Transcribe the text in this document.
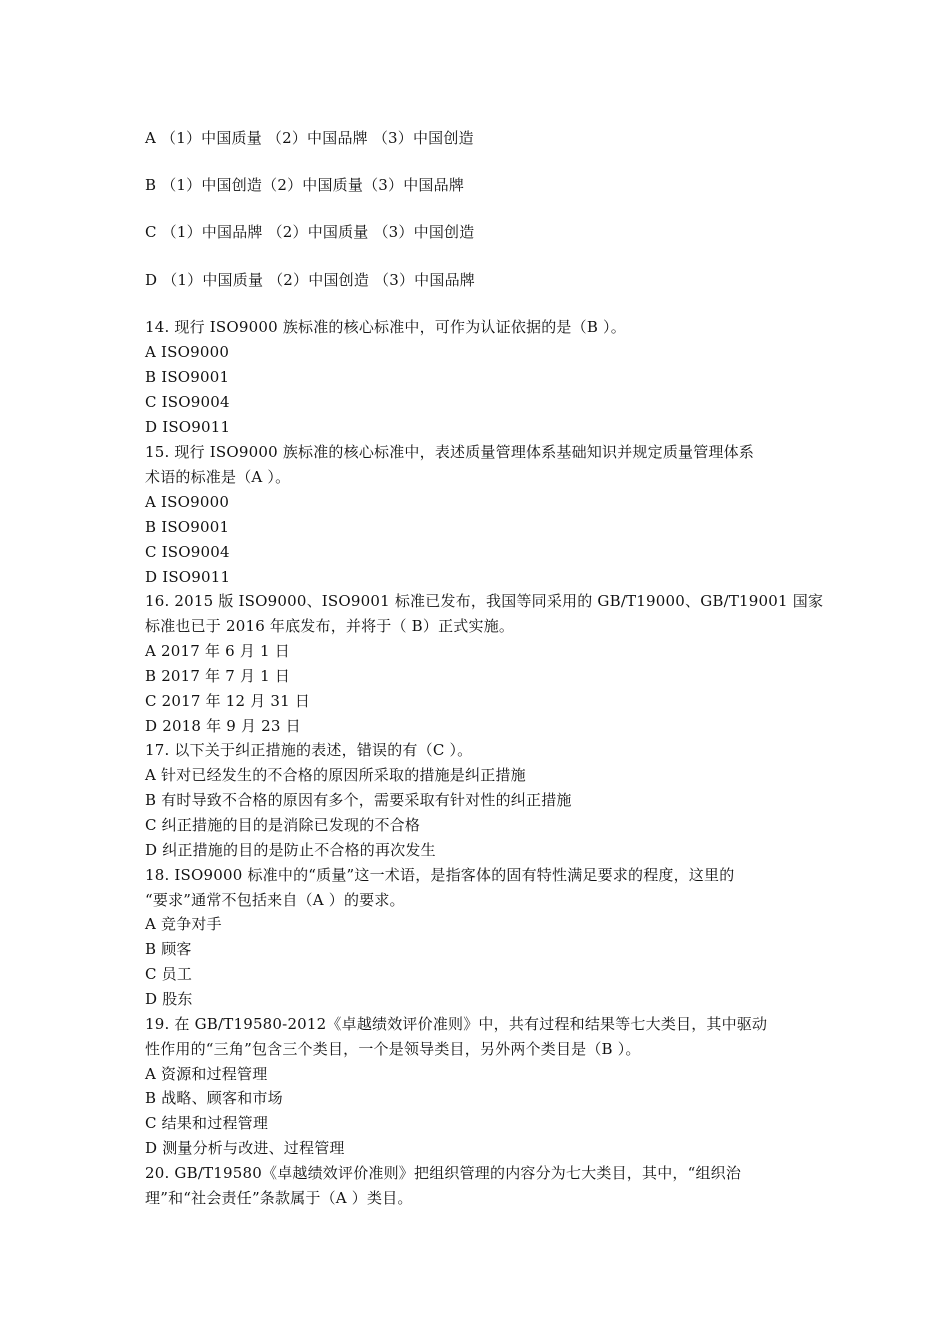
A （1）中国质量 （2）中国品牌 （3）中国创造
B （1）中国创造（2）中国质量（3）中国品牌
C （1）中国品牌 （2）中国质量 （3）中国创造
D （1）中国质量 （2）中国创造 （3）中国品牌
14. 现行 ISO9000 族标准的核心标准中，可作为认证依据的是（B ）。
A ISO9000
B ISO9001
C ISO9004
D ISO9011
15. 现行 ISO9000 族标准的核心标准中，表述质量管理体系基础知识并规定质量管理体系
术语的标准是（A ）。
A ISO9000
B ISO9001
C ISO9004
D ISO9011
16. 2015 版 ISO9000、ISO9001 标准已发布，我国等同采用的 GB/T19000、GB/T19001 国家
标准也已于 2016 年底发布，并将于（ B）正式实施。
A 2017 年 6 月 1 日
B 2017 年 7 月 1 日
C 2017 年 12 月 31 日
D 2018 年 9 月 23 日
17. 以下关于纠正措施的表述，错误的有（C ）。
A 针对已经发生的不合格的原因所采取的措施是纠正措施
B 有时导致不合格的原因有多个，需要采取有针对性的纠正措施
C 纠正措施的目的是消除已发现的不合格
D 纠正措施的目的是防止不合格的再次发生
18. ISO9000 标准中的“质量”这一术语，是指客体的固有特性满足要求的程度，这里的
“要求”通常不包括来自（A ）的要求。
A 竞争对手
B 顾客
C 员工
D 股东
19. 在 GB/T19580-2012《卓越绩效评价准则》中，共有过程和结果等七大类目，其中驱动
性作用的“三角”包含三个类目，一个是领导类目，另外两个类目是（B ）。
A 资源和过程管理
B 战略、顾客和市场
C 结果和过程管理
D 测量分析与改进、过程管理
20. GB/T19580《卓越绩效评价准则》把组织管理的内容分为七大类目，其中，“组织治
理”和“社会责任”条款属于（A ）类目。
